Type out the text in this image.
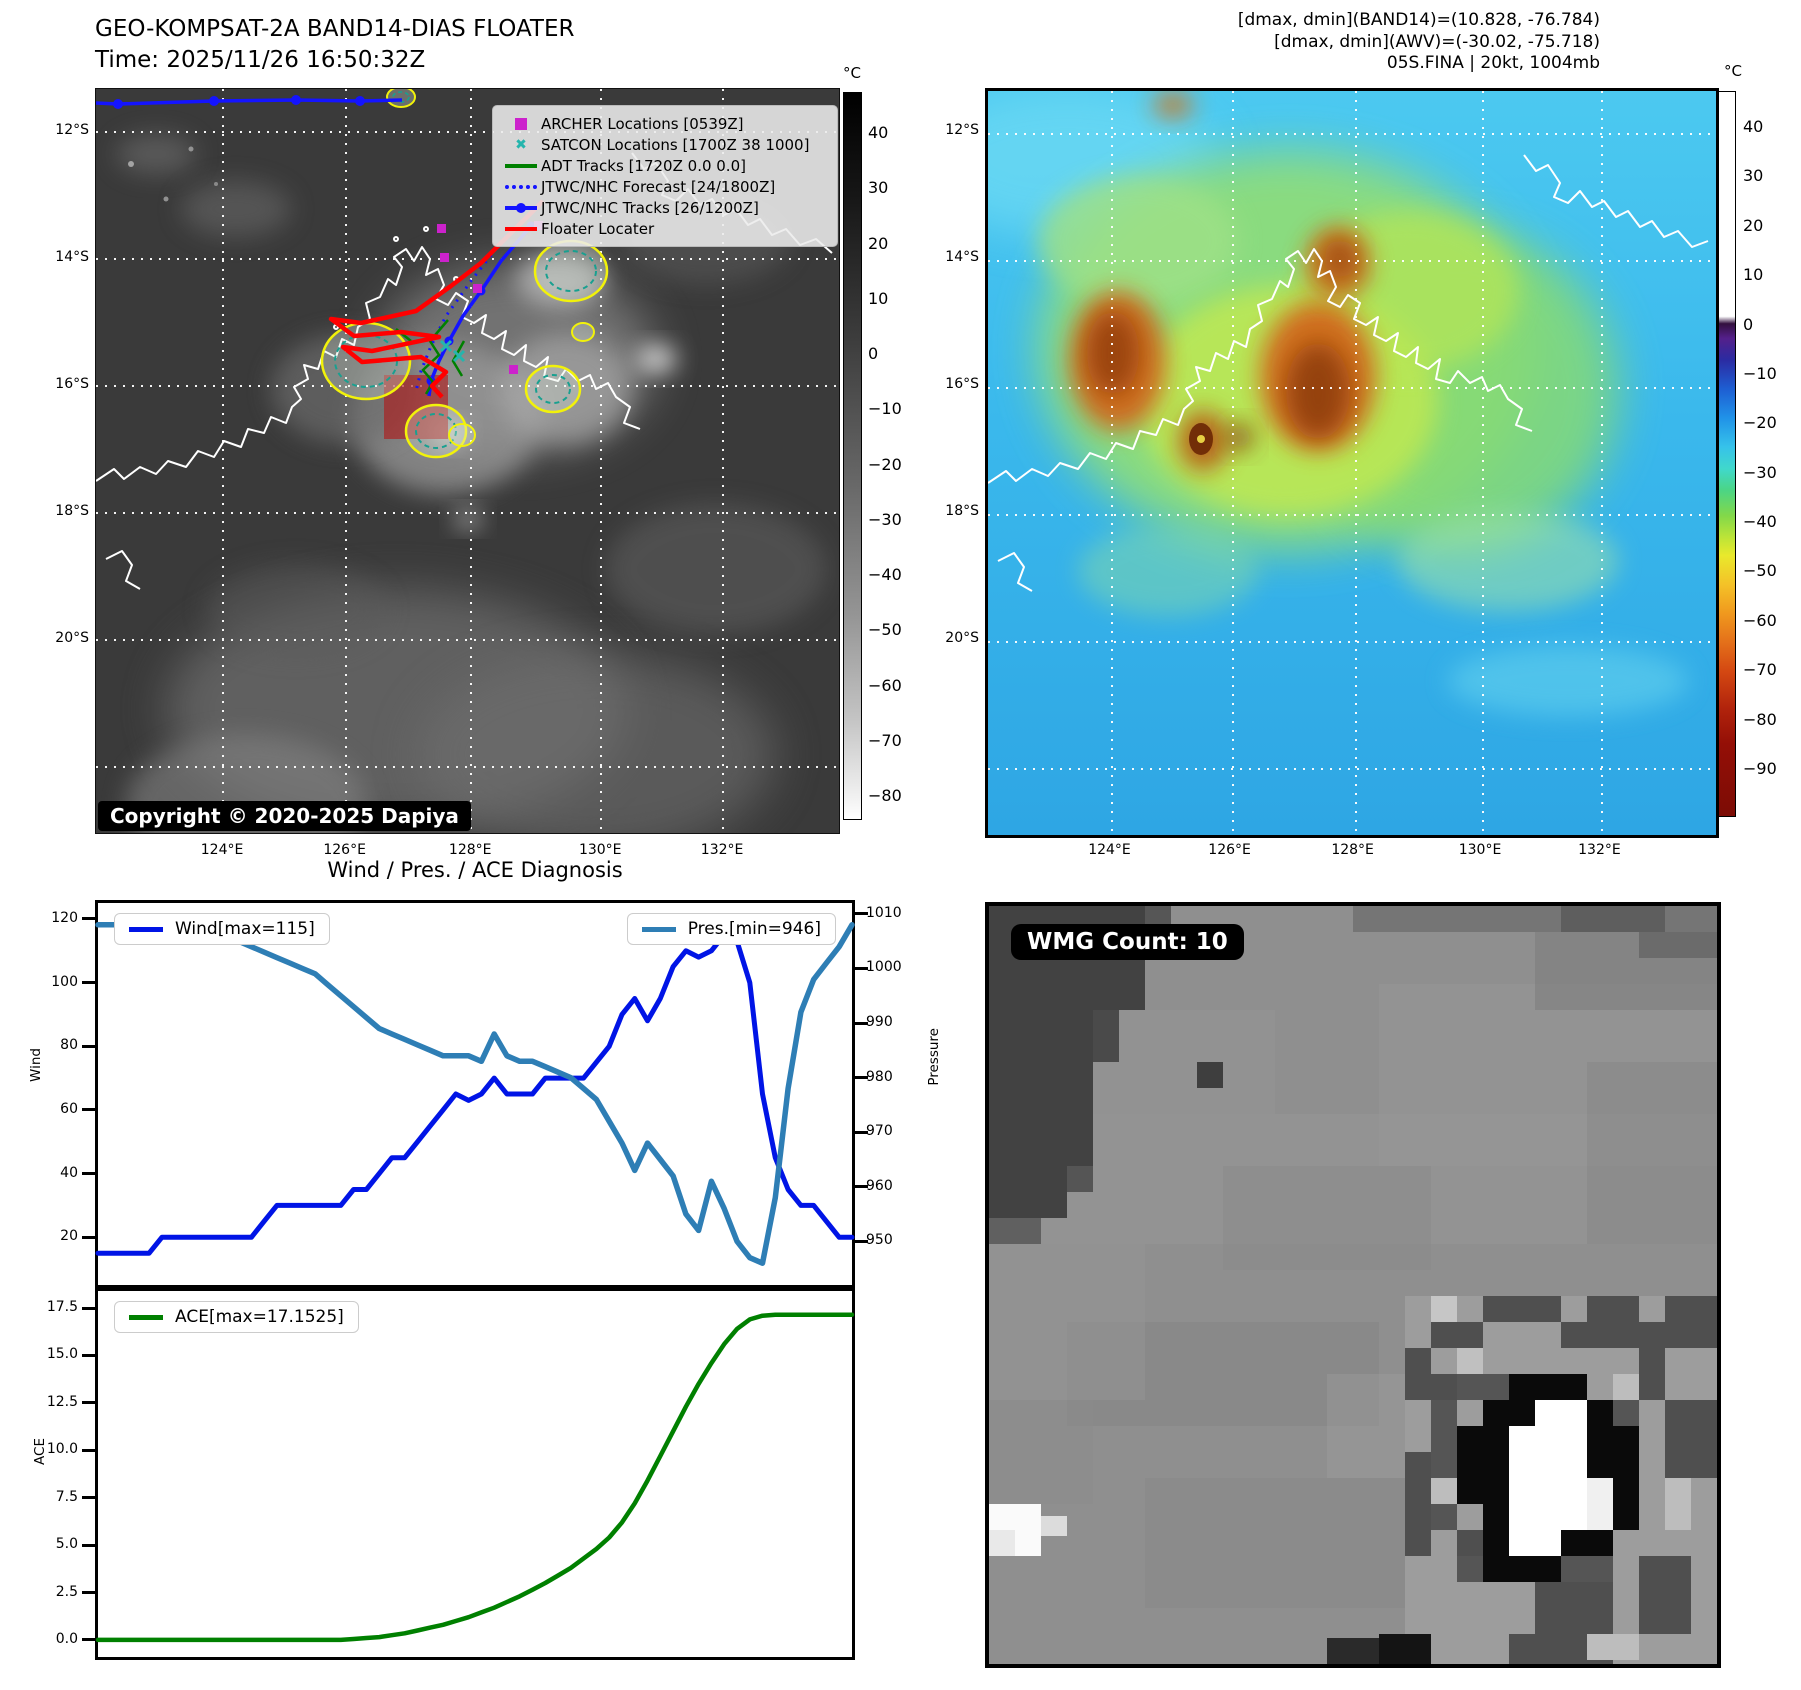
GEO-KOMPSAT-2A BAND14-DIAS FLOATER
Time: 2025/11/26 16:50:32Z
[dmax, dmin](BAND14)=(10.828, -76.784)
[dmax, dmin](AWV)=(-30.02, -75.718)
05S.FINA | 20kt, 1004mb
ARCHER Locations [0539Z]
✖ SATCON Locations [1700Z 38 1000]
ADT Tracks [1720Z 0.0 0.0]
JTWC/NHC Forecast [24/1800Z]
JTWC/NHC Tracks [26/1200Z]
Floater Locater
Copyright © 2020-2025 Dapiya
°C
40
30
20
10
0
−10
−20
−30
−40
−50
−60
−70
−80
°C
40
30
20
10
0
−10
−20
−30
−40
−50
−60
−70
−80
−90
Wind / Pres. / ACE Diagnosis
Wind[max=115]	Pres.[min=946]
20
40
60
80
100
120
950
960
970
980
990
1000
1010
ACE[max=17.1525]
0.0
2.5
5.0
7.5
10.0
12.5
15.0
17.5
Wind	Pressure
ACE
WMG Count: 10
12°S
14°S
16°S
18°S
20°S
124°E	126°E	128°E	130°E	132°E
12°S
14°S
16°S
18°S
20°S
124°E	126°E	128°E	130°E	132°E
